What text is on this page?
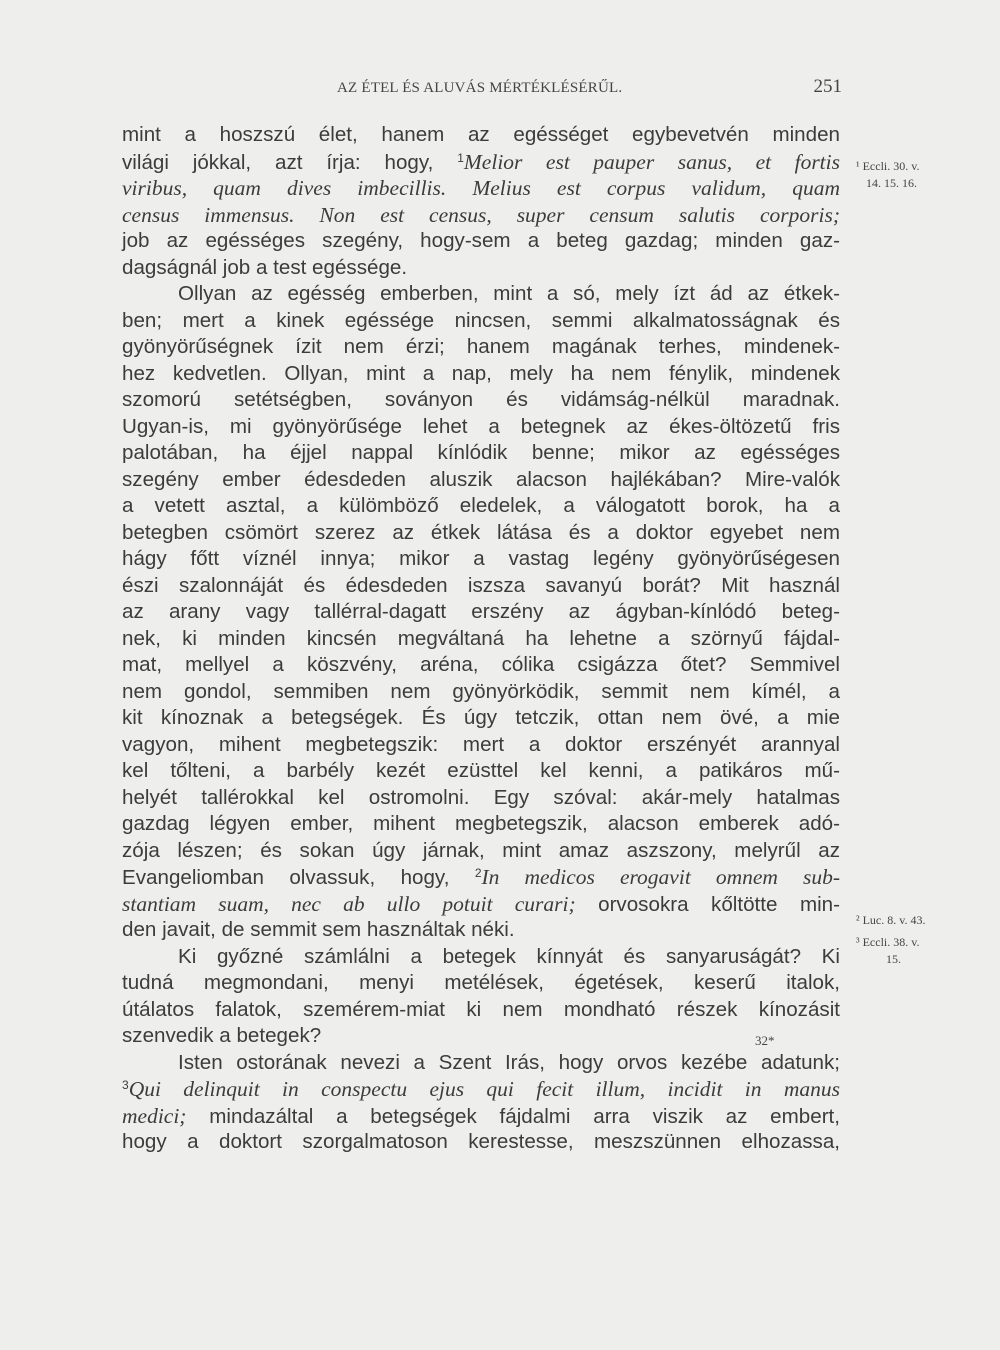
AZ ÉTEL ÉS ALUVÁS MÉRTÉKLÉSÉRŰL.	251
mint a hoszszú élet, hanem az egésséget egybevetvén minden
világi jókkal, azt írja: hogy, $^1$Melior est pauper sanus, et fortis
viribus, quam dives imbecillis. Melius est corpus validum, quam
census immensus. Non est census, super censum salutis corporis;
job az egésséges szegény, hogy-sem a beteg gazdag; minden gaz-
dagságnál job a test egéssége.
Ollyan az egésség emberben, mint a só, mely ízt ád az étkek-
ben; mert a kinek egéssége nincsen, semmi alkalmatosságnak és
gyönyörűségnek ízit nem érzi; hanem magának terhes, mindenek-
hez kedvetlen. Ollyan, mint a nap, mely ha nem fénylik, mindenek
szomorú setétségben, soványon és vidámság-nélkül maradnak.
Ugyan-is, mi gyönyörűsége lehet a betegnek az ékes-öltözetű fris
palotában, ha éjjel nappal kínlódik benne; mikor az egésséges
szegény ember édesdeden aluszik alacson hajlékában? Mire-valók
a vetett asztal, a külömböző eledelek, a válogatott borok, ha a
betegben csömört szerez az étkek látása és a doktor egyebet nem
hágy főtt víznél innya; mikor a vastag legény gyönyörűségesen
észi szalonnáját és édesdeden iszsza savanyú borát? Mit használ
az arany vagy tallérral-dagatt erszény az ágyban-kínlódó beteg-
nek, ki minden kincsén megváltaná ha lehetne a szörnyű fájdal-
mat, mellyel a köszvény, aréna, cólika csigázza őtet? Semmivel
nem gondol, semmiben nem gyönyörködik, semmit nem kímél, a
kit kínoznak a betegségek. És úgy tetczik, ottan nem övé, a mie
vagyon, mihent megbetegszik: mert a doktor erszényét arannyal
kel tőlteni, a barbély kezét ezüsttel kel kenni, a patikáros mű-
helyét tallérokkal kel ostromolni. Egy szóval: akár-mely hatalmas
gazdag légyen ember, mihent megbetegszik, alacson emberek adó-
zója lészen; és sokan úgy járnak, mint amaz aszszony, melyrűl az
Evangeliomban olvassuk, hogy, $^2$In medicos erogavit omnem sub-
stantiam suam, nec ab ullo potuit curari; orvosokra kőltötte min-
den javait, de semmit sem használtak néki.
Ki győzné számlálni a betegek kínnyát és sanyaruságát? Ki
tudná megmondani, menyi metélések, égetések, keserű italok,
útálatos falatok, szemérem-miat ki nem mondható részek kínozásit
szenvedik a betegek?
Isten ostorának nevezi a Szent Irás, hogy orvos kezébe adatunk;
$^3$Qui delinquit in conspectu ejus qui fecit illum, incidit in manus
medici; mindazáltal a betegségek fájdalmi arra viszik az embert,
hogy a doktort szorgalmatoson kerestesse, meszszünnen elhozassa,
¹ Eccli. 30. v.
14. 15. 16.
² Luc. 8. v. 43.
³ Eccli. 38. v.
15.
32*
